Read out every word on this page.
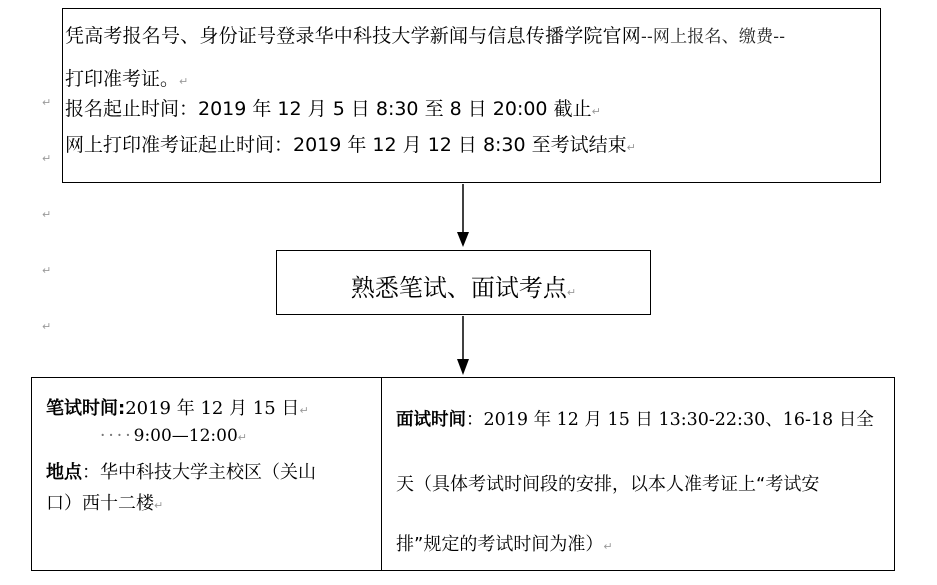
↵
↵
↵
↵
↵
凭高考报名号、身份证号登录华中科技大学新闻与信息传播学院官网--网上报名、缴费--
打印准考证。↵
报名起止时间：2019 年 12 月 5 日 8:30 至 8 日 20:00 截止↵
网上打印准考证起止时间：2019 年 12 月 12 日 8:30 至考试结束↵
熟悉笔试、面试考点↵
笔试时间:2019 年 12 月 15 日↵
····9:00—12:00↵
地点：华中科技大学主校区（关山
口）西十二楼↵
面试时间：2019 年 12 月 15 日 13:30-22:30、16-18 日全
天（具体考试时间段的安排，以本人准考证上“考试安
排”规定的考试时间为准）↵
